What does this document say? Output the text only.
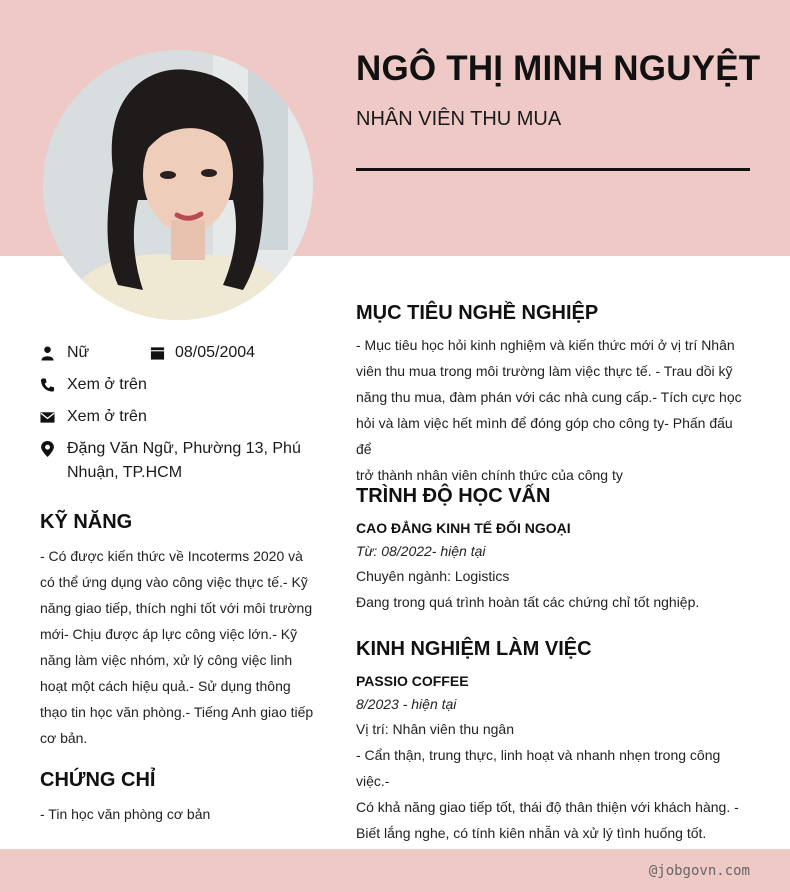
NGÔ THỊ MINH NGUYỆT
NHÂN VIÊN THU MUA
Nữ	08/05/2004
Xem ở trên
Xem ở trên
Đặng Văn Ngữ, Phường 13, Phú
Nhuận, TP.HCM
KỸ NĂNG
- Có được kiến thức về Incoterms 2020 và
có thể ứng dụng vào công việc thực tế.- Kỹ
năng giao tiếp, thích nghi tốt với môi trường
mới- Chịu được áp lực công việc lớn.- Kỹ
năng làm việc nhóm, xử lý công việc linh
hoạt một cách hiệu quả.- Sử dụng thông
thạo tin học văn phòng.- Tiếng Anh giao tiếp
cơ bản.
CHỨNG CHỈ
- Tin học văn phòng cơ bản
MỤC TIÊU NGHỀ NGHIỆP
- Mục tiêu học hỏi kinh nghiệm và kiến thức mới ở vị trí Nhân
viên thu mua trong môi trường làm việc thực tế. - Trau dồi kỹ
năng thu mua, đàm phán với các nhà cung cấp.- Tích cực học
hỏi và làm việc hết mình để đóng góp cho công ty- Phấn đấu để
trở thành nhân viên chính thức của công ty
TRÌNH ĐỘ HỌC VẤN
CAO ĐẲNG KINH TẾ ĐỐI NGOẠI
Từ: 08/2022- hiện tại
Chuyên ngành: Logistics
Đang trong quá trình hoàn tất các chứng chỉ tốt nghiệp.
KINH NGHIỆM LÀM VIỆC
PASSIO COFFEE
8/2023 - hiện tại
Vị trí: Nhân viên thu ngân
- Cẩn thận, trung thực, linh hoạt và nhanh nhẹn trong công việc.-
Có khả năng giao tiếp tốt, thái độ thân thiện với khách hàng. -
Biết lắng nghe, có tính kiên nhẫn và xử lý tình huống tốt.
@jobgovn.com
